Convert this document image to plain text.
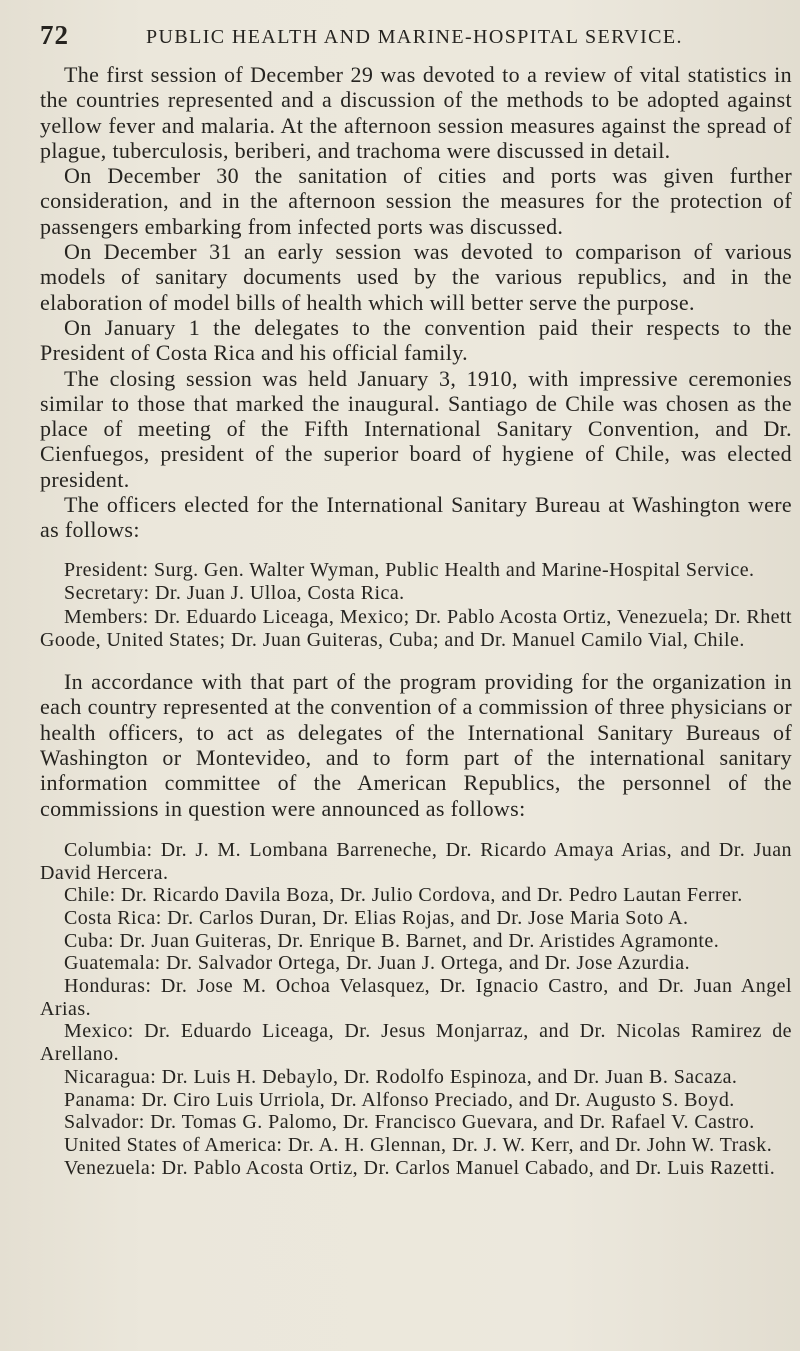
72	PUBLIC HEALTH AND MARINE-HOSPITAL SERVICE.

The first session of December 29 was devoted to a review of vital statistics in the countries represented and a discussion of the methods to be adopted against yellow fever and malaria. At the afternoon session measures against the spread of plague, tuberculosis, beriberi, and trachoma were discussed in detail.

On December 30 the sanitation of cities and ports was given further consideration, and in the afternoon session the measures for the protection of passengers embarking from infected ports was discussed.

On December 31 an early session was devoted to comparison of various models of sanitary documents used by the various republics, and in the elaboration of model bills of health which will better serve the purpose.

On January 1 the delegates to the convention paid their respects to the President of Costa Rica and his official family.

The closing session was held January 3, 1910, with impressive ceremonies similar to those that marked the inaugural. Santiago de Chile was chosen as the place of meeting of the Fifth International Sanitary Convention, and Dr. Cienfuegos, president of the superior board of hygiene of Chile, was elected president.

The officers elected for the International Sanitary Bureau at Washington were as follows:

President: Surg. Gen. Walter Wyman, Public Health and Marine-Hospital Service.

Secretary: Dr. Juan J. Ulloa, Costa Rica.

Members: Dr. Eduardo Liceaga, Mexico; Dr. Pablo Acosta Ortiz, Venezuela; Dr. Rhett Goode, United States; Dr. Juan Guiteras, Cuba; and Dr. Manuel Camilo Vial, Chile.

In accordance with that part of the program providing for the organization in each country represented at the convention of a commission of three physicians or health officers, to act as delegates of the International Sanitary Bureaus of Washington or Montevideo, and to form part of the international sanitary information committee of the American Republics, the personnel of the commissions in question were announced as follows:

Columbia: Dr. J. M. Lombana Barreneche, Dr. Ricardo Amaya Arias, and Dr. Juan David Hercera.

Chile: Dr. Ricardo Davila Boza, Dr. Julio Cordova, and Dr. Pedro Lautan Ferrer.

Costa Rica: Dr. Carlos Duran, Dr. Elias Rojas, and Dr. Jose Maria Soto A.

Cuba: Dr. Juan Guiteras, Dr. Enrique B. Barnet, and Dr. Aristides Agramonte.

Guatemala: Dr. Salvador Ortega, Dr. Juan J. Ortega, and Dr. Jose Azurdia.

Honduras: Dr. Jose M. Ochoa Velasquez, Dr. Ignacio Castro, and Dr. Juan Angel Arias.

Mexico: Dr. Eduardo Liceaga, Dr. Jesus Monjarraz, and Dr. Nicolas Ramirez de Arellano.

Nicaragua: Dr. Luis H. Debaylo, Dr. Rodolfo Espinoza, and Dr. Juan B. Sacaza.

Panama: Dr. Ciro Luis Urriola, Dr. Alfonso Preciado, and Dr. Augusto S. Boyd.

Salvador: Dr. Tomas G. Palomo, Dr. Francisco Guevara, and Dr. Rafael V. Castro.

United States of America: Dr. A. H. Glennan, Dr. J. W. Kerr, and Dr. John W. Trask.

Venezuela: Dr. Pablo Acosta Ortiz, Dr. Carlos Manuel Cabado, and Dr. Luis Razetti.
